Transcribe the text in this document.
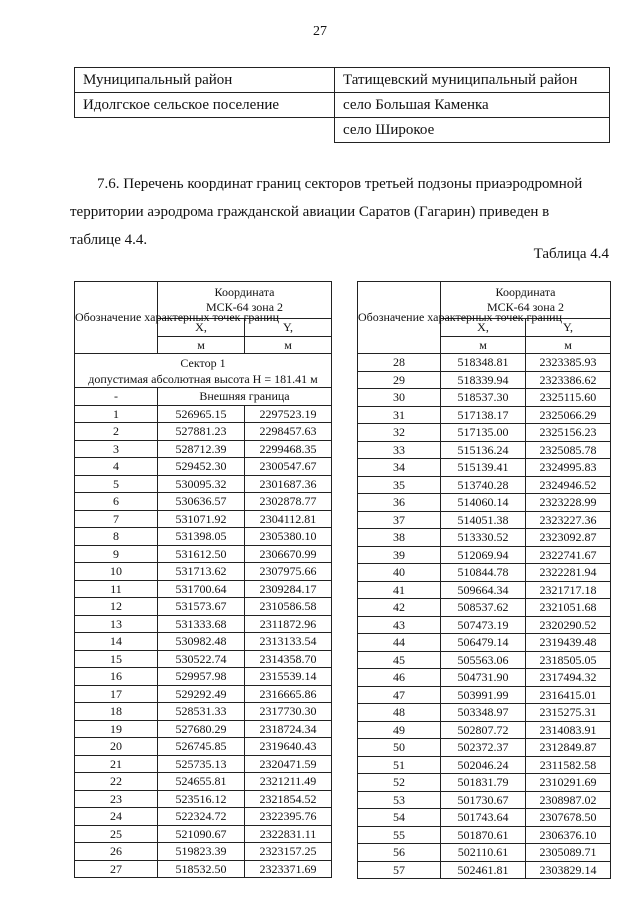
27
Муниципальный район	Татищевский муниципальный район
Идолгское сельское поселение	село Большая Каменка
	село Широкое
7.6. Перечень координат границ секторов третьей подзоны приаэродромной
территории аэродрома гражданской авиации Саратов (Гагарин) приведен в
таблице 4.4.
Таблица 4.4
Обозначение характерных точек границ	Координата
МСК-64 зона 2	

	X,	Y,
	м	м

Сектор 1
допустимая абсолютная высота H = 181.41 м		

-	Внешняя граница	
1	526965.15	2297523.19
2	527881.23	2298457.63
3	528712.39	2299468.35
4	529452.30	2300547.67
5	530095.32	2301687.36
6	530636.57	2302878.77
7	531071.92	2304112.81
8	531398.05	2305380.10
9	531612.50	2306670.99
10	531713.62	2307975.66
11	531700.64	2309284.17
12	531573.67	2310586.58
13	531333.68	2311872.96
14	530982.48	2313133.54
15	530522.74	2314358.70
16	529957.98	2315539.14
17	529292.49	2316665.86
18	528531.33	2317730.30
19	527680.29	2318724.34
20	526745.85	2319640.43
21	525735.13	2320471.59
22	524655.81	2321211.49
23	523516.12	2321854.52
24	522324.72	2322395.76
25	521090.67	2322831.11
26	519823.39	2323157.25
27	518532.50	2323371.69
Обозначение характерных точек границ	Координата
МСК-64 зона 2	

	X,	Y,
	м	м
28	518348.81	2323385.93
29	518339.94	2323386.62
30	518537.30	2325115.60
31	517138.17	2325066.29
32	517135.00	2325156.23
33	515136.24	2325085.78
34	515139.41	2324995.83
35	513740.28	2324946.52
36	514060.14	2323228.99
37	514051.38	2323227.36
38	513330.52	2323092.87
39	512069.94	2322741.67
40	510844.78	2322281.94
41	509664.34	2321717.18
42	508537.62	2321051.68
43	507473.19	2320290.52
44	506479.14	2319439.48
45	505563.06	2318505.05
46	504731.90	2317494.32
47	503991.99	2316415.01
48	503348.97	2315275.31
49	502807.72	2314083.91
50	502372.37	2312849.87
51	502046.24	2311582.58
52	501831.79	2310291.69
53	501730.67	2308987.02
54	501743.64	2307678.50
55	501870.61	2306376.10
56	502110.61	2305089.71
57	502461.81	2303829.14
